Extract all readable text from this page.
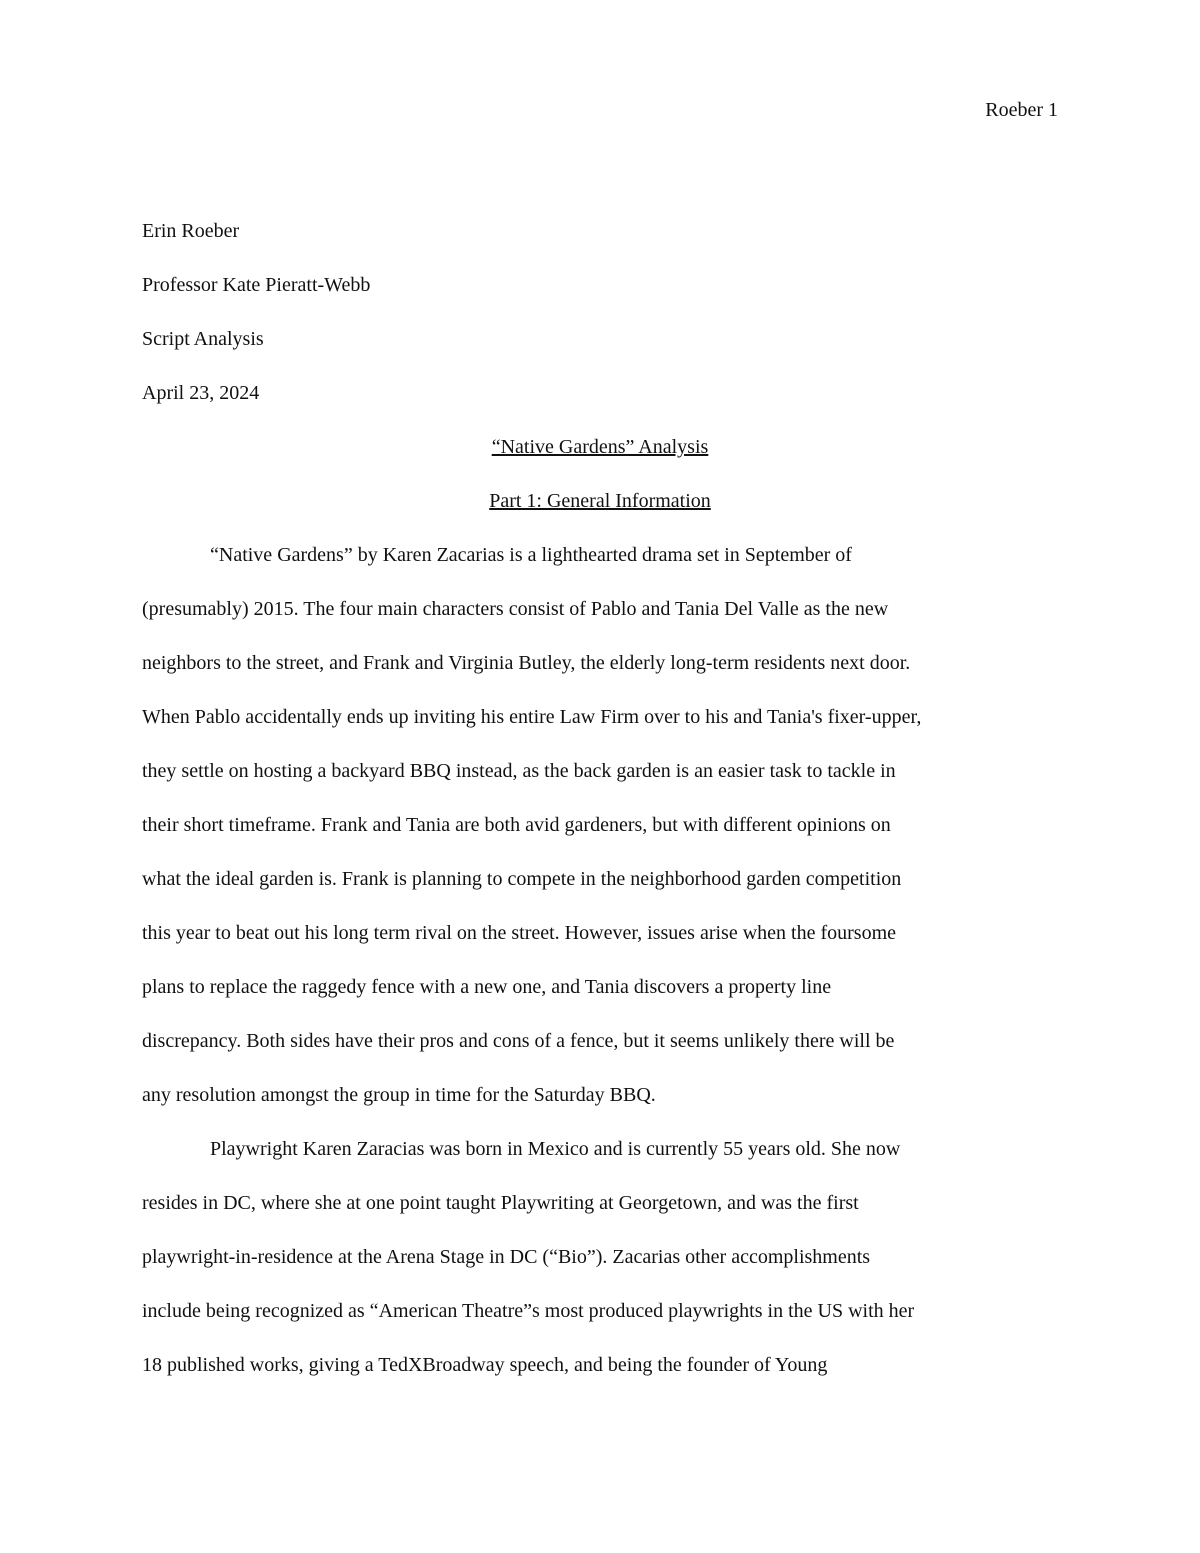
Roeber 1

Erin Roeber

Professor Kate Pieratt-Webb

Script Analysis

April 23, 2024

“Native Gardens” Analysis

Part 1: General Information

“Native Gardens” by Karen Zacarias is a lighthearted drama set in September of

(presumably) 2015. The four main characters consist of Pablo and Tania Del Valle as the new

neighbors to the street, and Frank and Virginia Butley, the elderly long-term residents next door.

When Pablo accidentally ends up inviting his entire Law Firm over to his and Tania's fixer-upper,

they settle on hosting a backyard BBQ instead, as the back garden is an easier task to tackle in

their short timeframe. Frank and Tania are both avid gardeners, but with different opinions on

what the ideal garden is. Frank is planning to compete in the neighborhood garden competition

this year to beat out his long term rival on the street. However, issues arise when the foursome

plans to replace the raggedy fence with a new one, and Tania discovers a property line

discrepancy. Both sides have their pros and cons of a fence, but it seems unlikely there will be

any resolution amongst the group in time for the Saturday BBQ.

Playwright Karen Zaracias was born in Mexico and is currently 55 years old. She now

resides in DC, where she at one point taught Playwriting at Georgetown, and was the first

playwright-in-residence at the Arena Stage in DC (“Bio”). Zacarias other accomplishments

include being recognized as “American Theatre”s most produced playwrights in the US with her

18 published works, giving a TedXBroadway speech, and being the founder of Young
